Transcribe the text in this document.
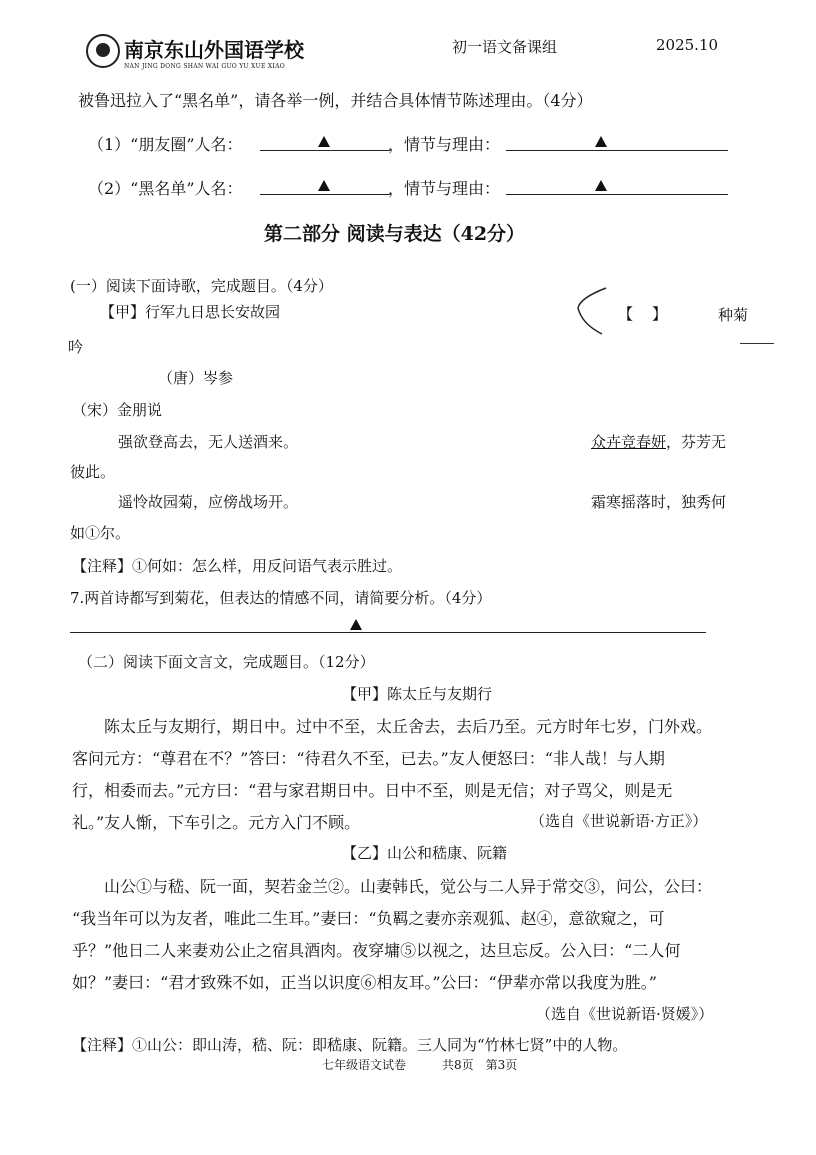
南京东山外国语学校
NAN JING DONG SHAN WAI GUO YU XUE XIAO
初一语文备课组	2025.10
被鲁迅拉入了“黑名单”，请各举一例，并结合具体情节陈述理由。（4分）
（1）“朋友圈”人名：	，情节与理由：
（2）“黑名单”人名：	，情节与理由：
第二部分 阅读与表达（42分）
(一）阅读下面诗歌，完成题目。（4分）
【甲】行军九日思长安故园	【　】	种菊
吟
（唐）岑参
（宋）金朋说
强欲登高去，无人送酒来。	众卉竞春妍，芬芳无
彼此。
遥怜故园菊，应傍战场开。	霜寒摇落时，独秀何
如①尔。
【注释】①何如：怎么样，用反问语气表示胜过。
7.两首诗都写到菊花，但表达的情感不同，请简要分析。（4分）
（二）阅读下面文言文，完成题目。（12分）
【甲】陈太丘与友期行
陈太丘与友期行，期日中。过中不至，太丘舍去，去后乃至。元方时年七岁，门外戏。
客问元方：“尊君在不？”答曰：“待君久不至，已去。”友人便怒曰：“非人哉！与人期
行，相委而去。”元方曰：“君与家君期日中。日中不至，则是无信；对子骂父，则是无
礼。”友人惭，下车引之。元方入门不顾。	（选自《世说新语·方正》）
【乙】山公和嵇康、阮籍
山公①与嵇、阮一面，契若金兰②。山妻韩氏，觉公与二人异于常交③，问公，公曰：
“我当年可以为友者，唯此二生耳。”妻曰：“负羁之妻亦亲观狐、赵④，意欲窥之，可
乎？”他日二人来妻劝公止之宿具酒肉。夜穿墉⑤以视之，达旦忘反。公入曰：“二人何
如？”妻曰：“君才致殊不如，正当以识度⑥相友耳。”公曰：“伊辈亦常以我度为胜。”
（选自《世说新语·贤媛》）
【注释】①山公：即山涛，嵇、阮：即嵇康、阮籍。三人同为“竹林七贤”中的人物。
七年级语文试卷	共8页　第3页
